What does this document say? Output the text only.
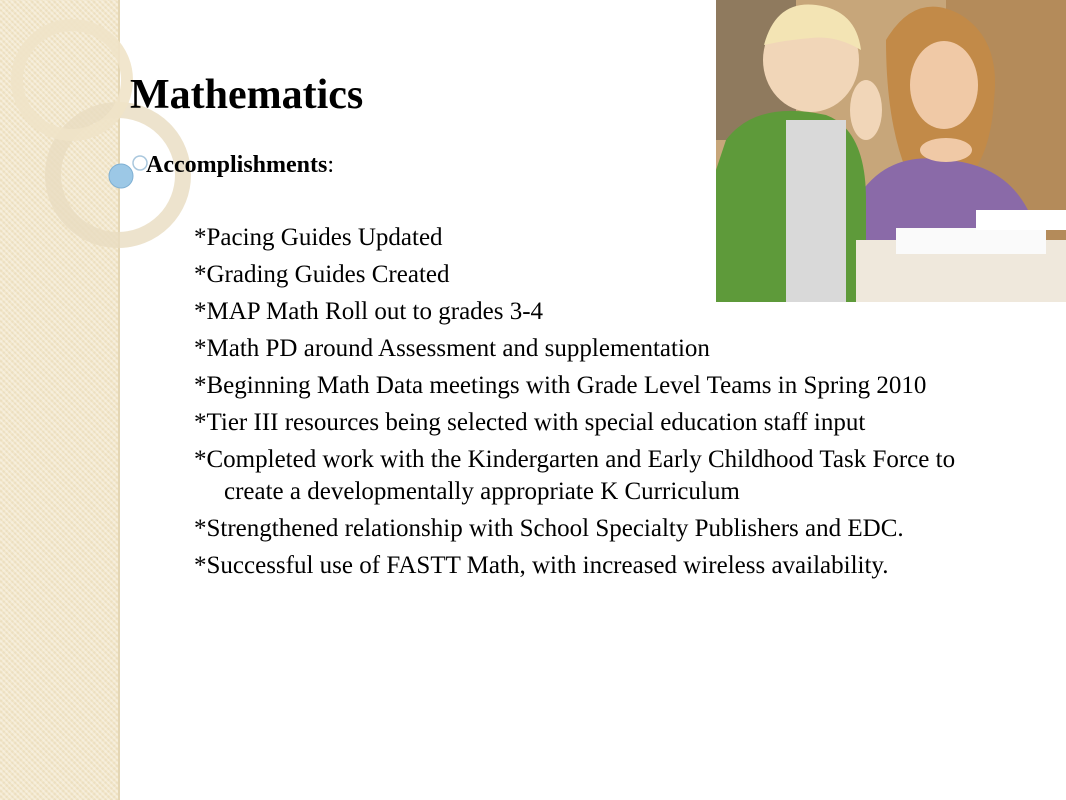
Mathematics
Accomplishments:
*Pacing Guides Updated
*Grading Guides Created
*MAP Math Roll out to grades 3-4
*Math PD around Assessment and supplementation
*Beginning Math Data meetings with Grade Level Teams in Spring 2010
*Tier III resources being selected with special education staff input
*Completed work with the Kindergarten and Early Childhood Task Force to create a developmentally appropriate K Curriculum
*Strengthened relationship with School Specialty Publishers and EDC.
*Successful use of FASTT Math, with increased wireless availability.
